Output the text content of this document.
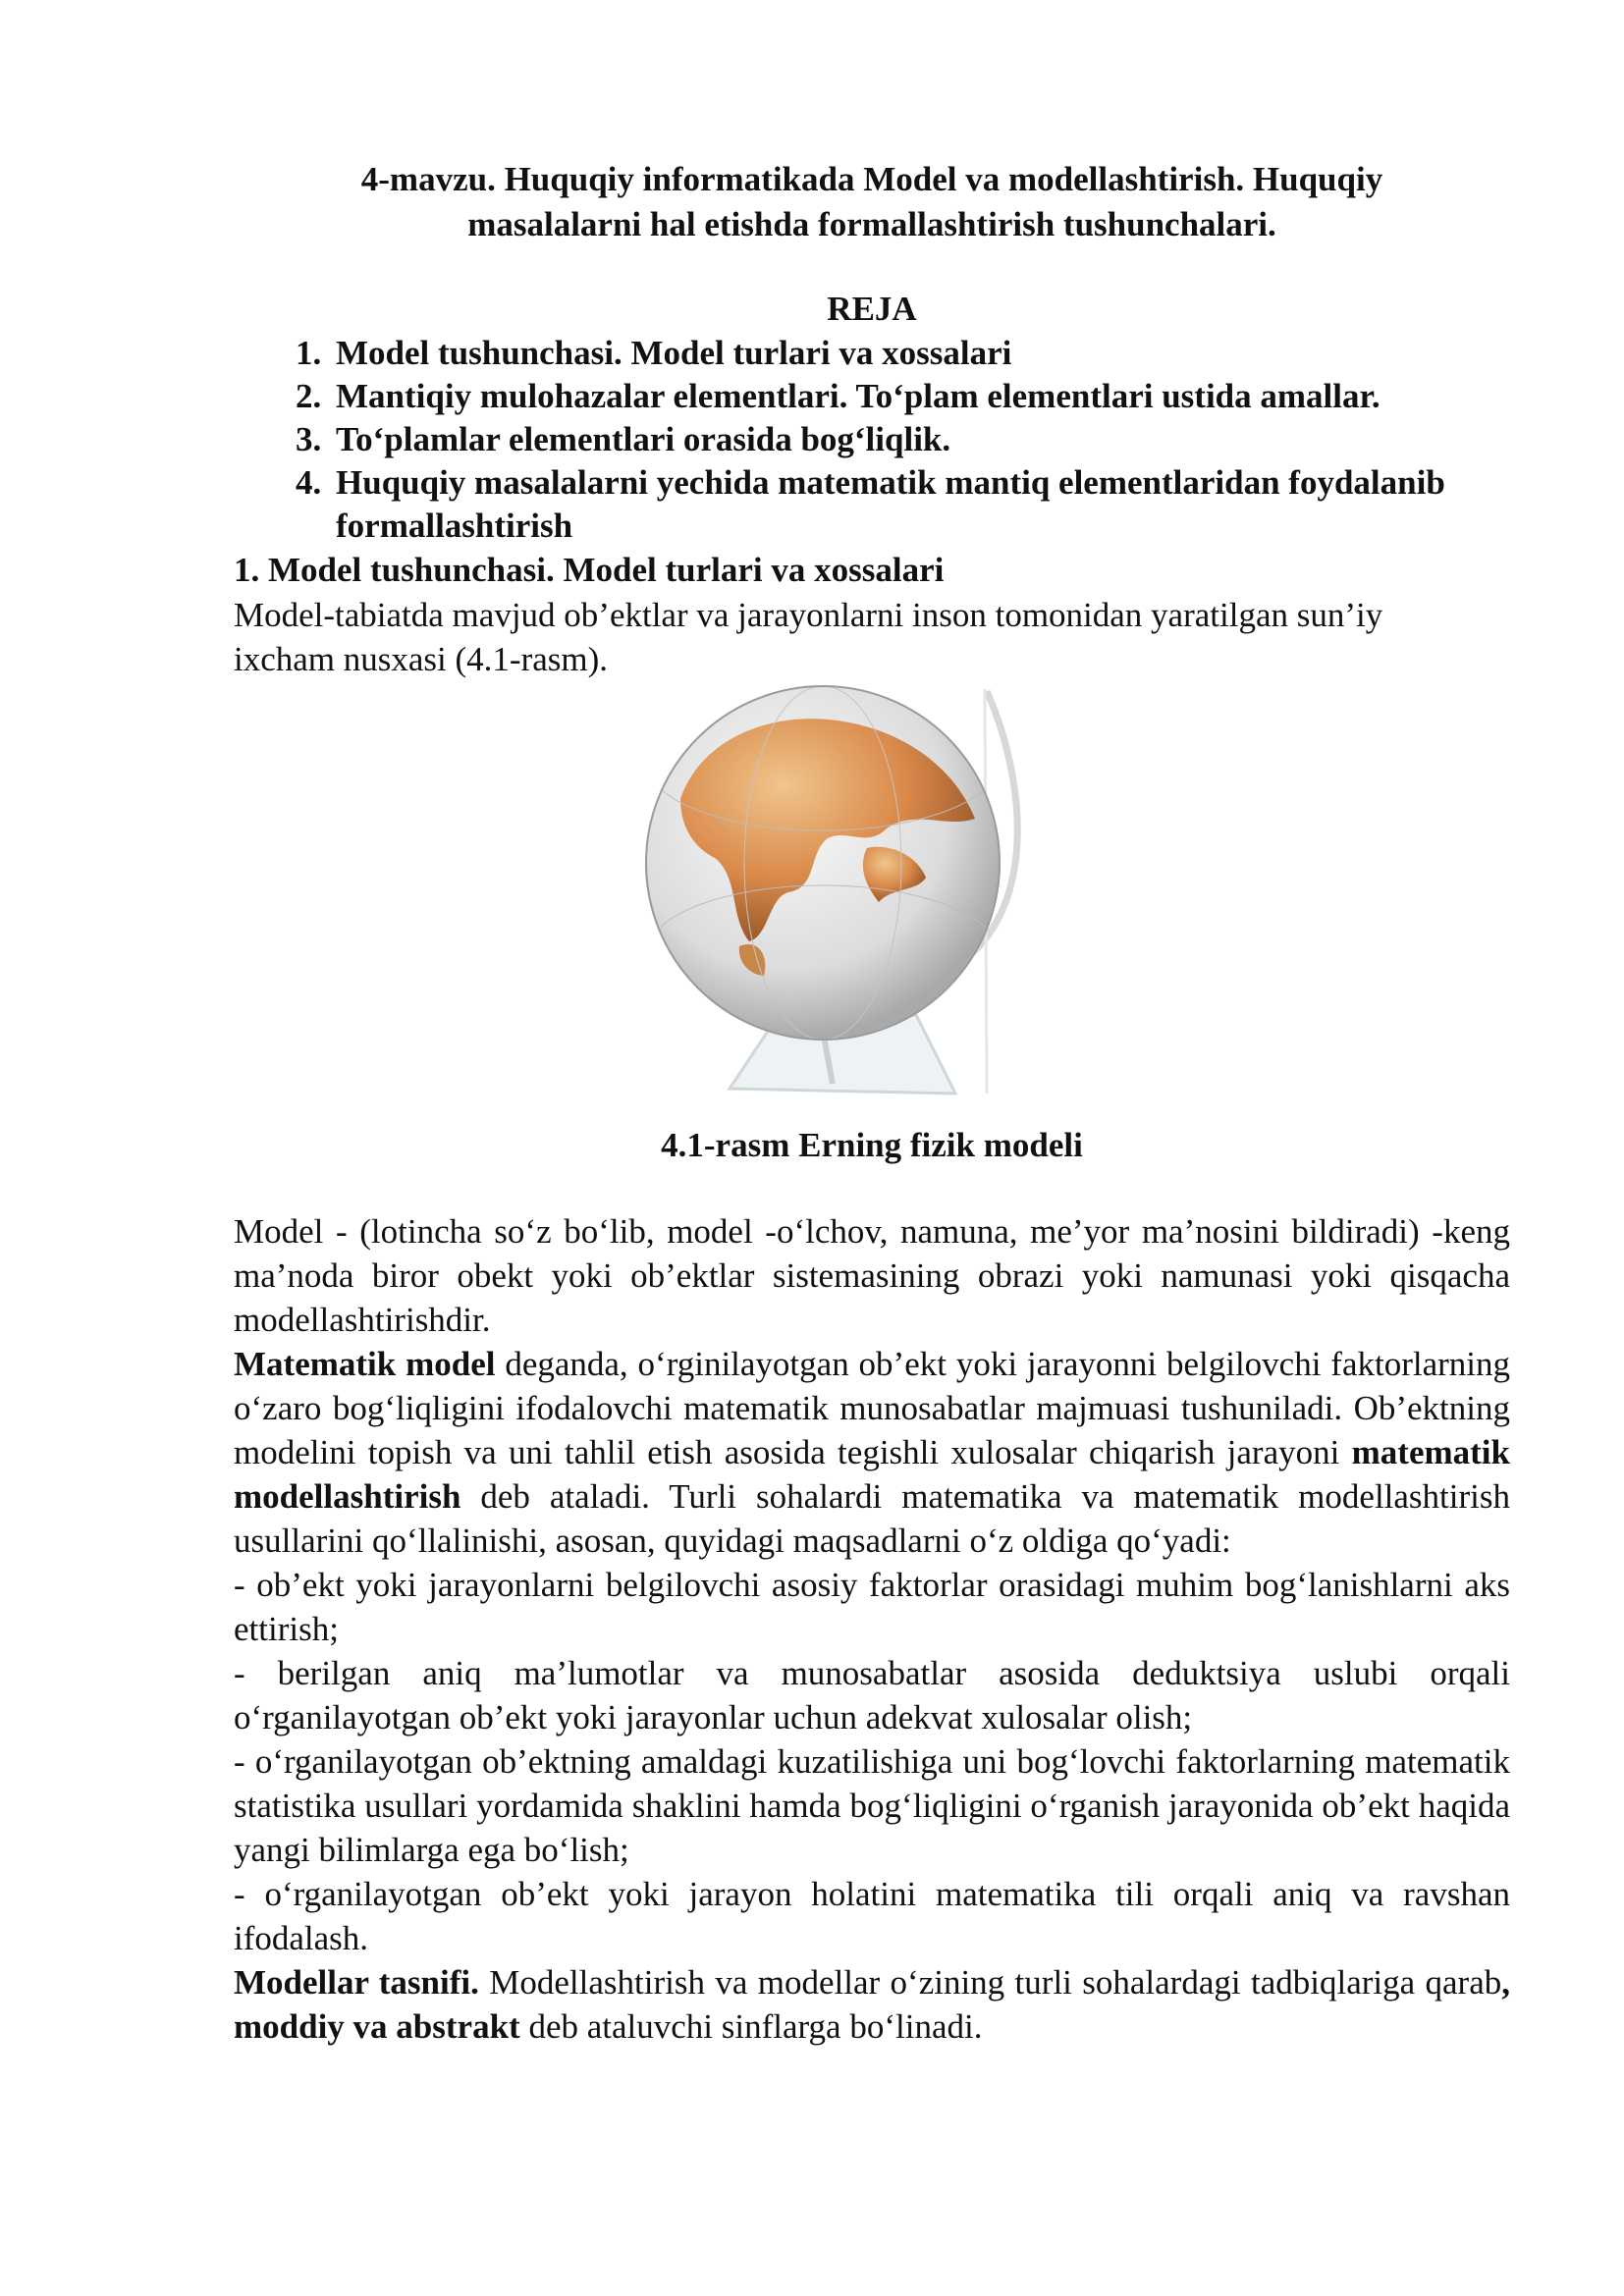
4-mavzu. Huquqiy informatikada Model va modellashtirish. Huquqiy
masalalarni hal etishda formallashtirish tushunchalari.
REJA
1. Model tushunchasi. Model turlari va xossalari
2. Mantiqiy mulohazalar elementlari. To‘plam elementlari ustida amallar.
3. To‘plamlar elementlari orasida bog‘liqlik.
4. Huquqiy masalalarni yechida matematik mantiq elementlaridan foydalanib formallashtirish
1. Model tushunchasi. Model turlari va xossalari

Model-tabiatda mavjud ob’ektlar va jarayonlarni inson tomonidan yaratilgan sun’iy ixcham nusxasi (4.1-rasm).

4.1-rasm Erning fizik modeli

Model - (lotincha so‘z bo‘lib, model -o‘lchov, namuna, me’yor ma’nosini bildiradi) -keng ma’noda biror obekt yoki ob’ektlar sistemasining obrazi yoki namunasi yoki qisqacha modellashtirishdir.

Matematik model deganda, o‘rginilayotgan ob’ekt yoki jarayonni belgilovchi faktorlarning o‘zaro bog‘liqligini ifodalovchi matematik munosabatlar majmuasi tushuniladi. Ob’ektning modelini topish va uni tahlil etish asosida tegishli xulosalar chiqarish jarayoni matematik modellashtirish deb ataladi. Turli sohalardi matematika va matematik modellashtirish usullarini qo‘llalinishi, asosan, quyidagi maqsadlarni o‘z oldiga qo‘yadi:

- ob’ekt yoki jarayonlarni belgilovchi asosiy faktorlar orasidagi muhim bog‘lanishlarni aks ettirish;

- berilgan aniq ma’lumotlar va munosabatlar asosida deduktsiya uslubi orqali o‘rganilayotgan ob’ekt yoki jarayonlar uchun adekvat xulosalar olish;

- o‘rganilayotgan ob’ektning amaldagi kuzatilishiga uni bog‘lovchi faktorlarning matematik statistika usullari yordamida shaklini hamda bog‘liqligini o‘rganish jarayonida ob’ekt haqida yangi bilimlarga ega bo‘lish;

- o‘rganilayotgan ob’ekt yoki jarayon holatini matematika tili orqali aniq va ravshan ifodalash.

Modellar tasnifi. Modellashtirish va modellar o‘zining turli sohalardagi tadbiqlariga qarab, moddiy va abstrakt deb ataluvchi sinflarga bo‘linadi.
